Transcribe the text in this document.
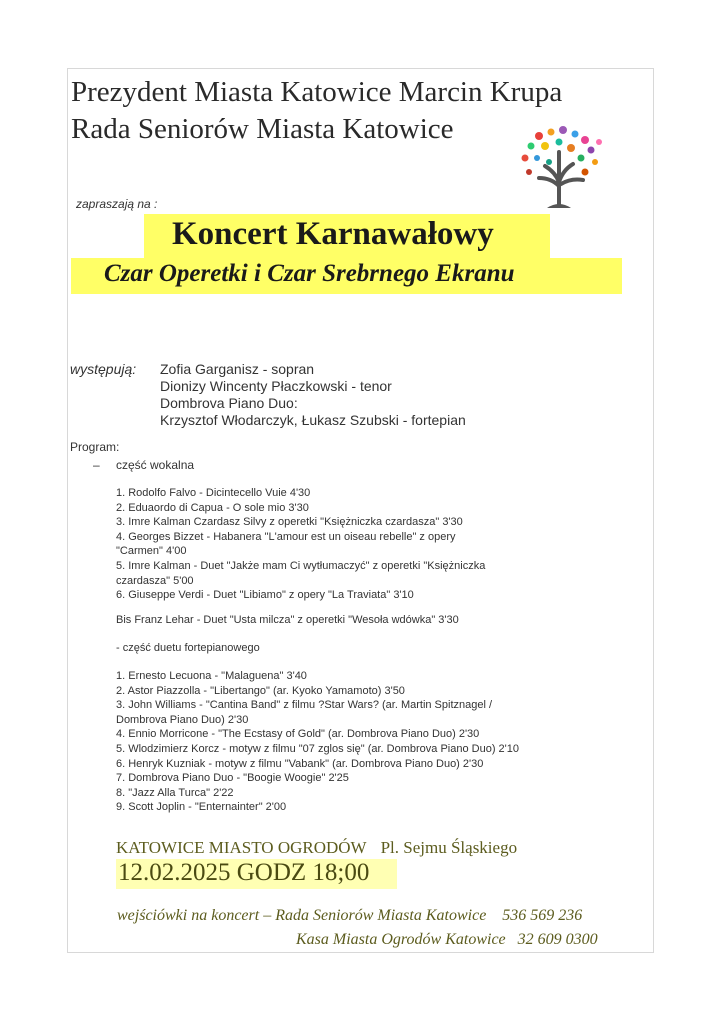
Prezydent Miasta Katowice Marcin Krupa
Rada Seniorów Miasta Katowice
zapraszają na :
Koncert Karnawałowy
Czar Operetki i Czar Srebrnego Ekranu
występują: Zofia Garganisz - sopran
Dionizy Wincenty Płaczkowski - tenor
Dombrova Piano Duo:
Krzysztof Włodarczyk, Łukasz Szubski - fortepian
Program:
– część wokalna
1. Rodolfo Falvo - Dicintecello Vuie 4'30
2. Eduaordo di Capua - O sole mio 3'30
3. Imre Kalman Czardasz Silvy z operetki "Księżniczka czardasza" 3'30
4. Georges Bizzet - Habanera "L'amour est un oiseau rebelle" z opery "Carmen" 4'00
5. Imre Kalman - Duet "Jakże mam Ci wytłumaczyć" z operetki "Księżniczka czardasza" 5'00
6. Giuseppe Verdi - Duet "Libiamo" z opery "La Traviata" 3'10
Bis Franz Lehar - Duet "Usta milcza" z operetki "Wesoła wdówka" 3'30
- część duetu fortepianowego
1. Ernesto Lecuona - "Malaguena" 3'40
2. Astor Piazzolla - "Libertango" (ar. Kyoko Yamamoto) 3'50
3. John Williams - "Cantina Band" z filmu ?Star Wars? (ar. Martin Spitznagel / Dombrova Piano Duo) 2'30
4. Ennio Morricone - "The Ecstasy of Gold" (ar. Dombrova Piano Duo) 2'30
5. Wlodzimierz Korcz - motyw z filmu "07 zglos się" (ar. Dombrova Piano Duo) 2'10
6. Henryk Kuzniak - motyw z filmu "Vabank" (ar. Dombrova Piano Duo) 2'30
7. Dombrova Piano Duo - "Boogie Woogie" 2'25
8. "Jazz Alla Turca" 2'22
9. Scott Joplin - "Enternainter" 2'00
KATOWICE MIASTO OGRODÓW Pl. Sejmu Śląskiego
12.02.2025 GODZ 18;00
wejściówki na koncert – Rada Seniorów Miasta Katowice 536 569 236
Kasa Miasta Ogrodów Katowice 32 609 0300
